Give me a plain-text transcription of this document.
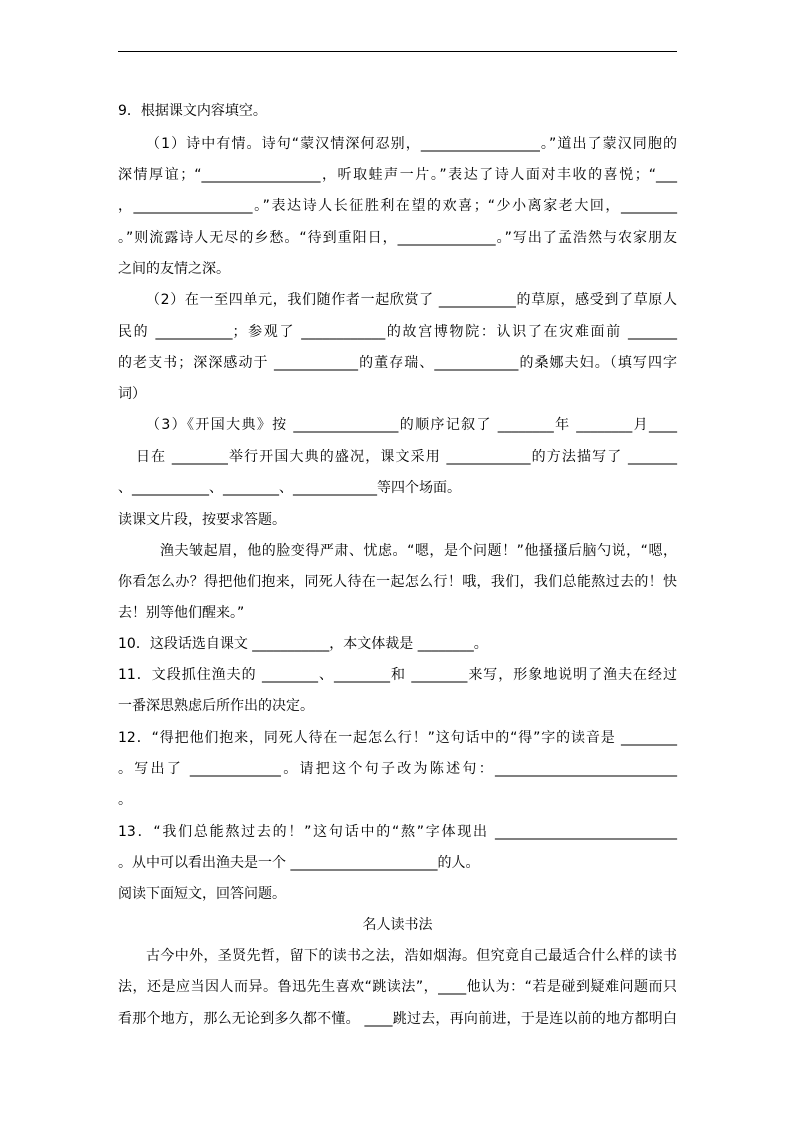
9．根据课文内容填空。
（1）诗中有情。诗句“蒙汉情深何忍别，_________________。”道出了蒙汉同胞的
深情厚谊；“_________________，听取蛙声一片。”表达了诗人面对丰收的喜悦；“___
，_________________。”表达诗人长征胜利在望的欢喜；“少小离家老大回，________
。”则流露诗人无尽的乡愁。“待到重阳日，______________。”写出了孟浩然与农家朋友
之间的友情之深。
（2）在一至四单元，我们随作者一起欣赏了 ___________的草原，感受到了草原人
民的 ___________；参观了 ____________的故宫博物院：认识了在灾难面前 _______
的老支书；深深感动于 ____________的董存瑞、____________的桑娜夫妇。（填写四字
词）
（3）《开国大典》按 _______________的顺序记叙了 ________年 ________月____
日在 ________举行开国大典的盛况，课文采用 ____________的方法描写了 _______
、___________、________、____________等四个场面。
读课文片段，按要求答题。
渔夫皱起眉，他的脸变得严肃、忧虑。“嗯，是个问题！”他搔搔后脑勺说，“嗯，
你看怎么办？得把他们抱来，同死人待在一起怎么行！哦，我们，我们总能熬过去的！快
去！别等他们醒来。”
10．这段话选自课文 ___________，本文体裁是 ________。
11．文段抓住渔夫的 ________、________和 ________来写，形象地说明了渔夫在经过
一番深思熟虑后所作出的决定。
12．“得把他们抱来，同死人待在一起怎么行！”这句话中的“得”字的读音是 ________
。写出了 _____________。请把这个句子改为陈述句：__________________________
。
13．“我们总能熬过去的！”这句话中的“熬”字体现出 __________________________
。从中可以看出渔夫是一个 _____________________的人。
阅读下面短文，回答问题。
名人读书法
古今中外，圣贤先哲，留下的读书之法，浩如烟海。但究竟自己最适合什么样的读书
法，还是应当因人而异。鲁迅先生喜欢“跳读法”，____他认为：“若是碰到疑难问题而只
看那个地方，那么无论到多久都不懂。 ____跳过去，再向前进，于是连以前的地方都明白
